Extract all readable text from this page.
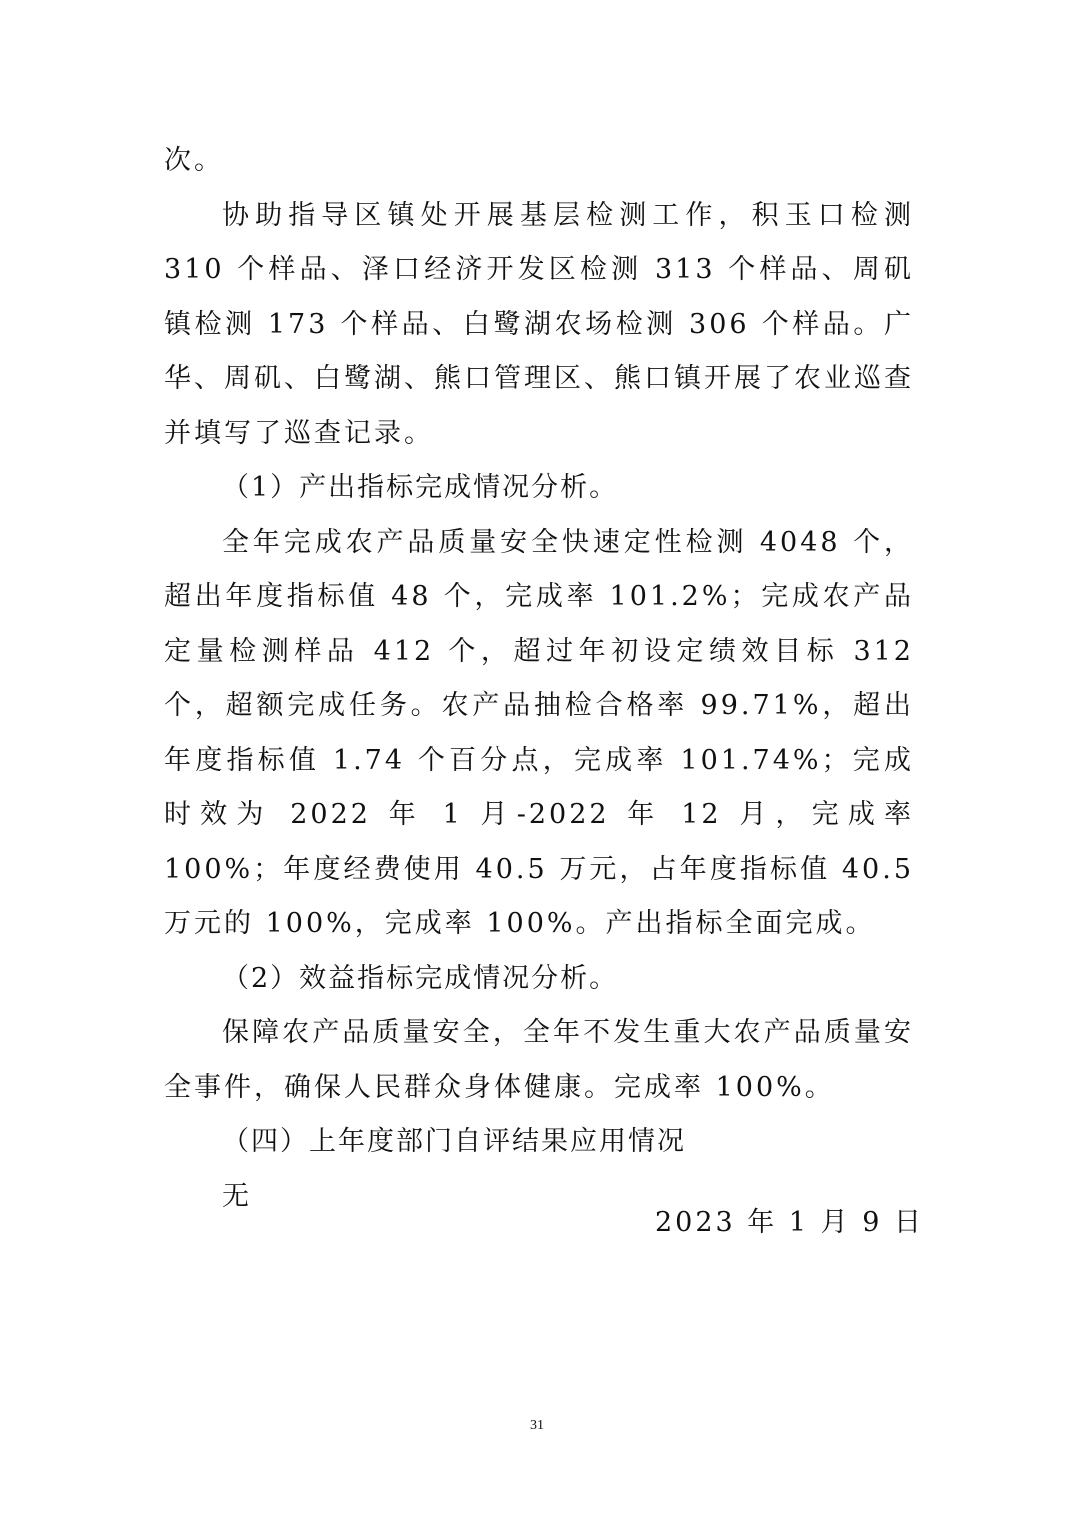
次。

协助指导区镇处开展基层检测工作，积玉口检测 310 个样品、泽口经济开发区检测 313 个样品、周矶镇检测 173 个样品、白鹭湖农场检测 306 个样品。广华、周矶、白鹭湖、熊口管理区、熊口镇开展了农业巡查并填写了巡查记录。

（1）产出指标完成情况分析。

全年完成农产品质量安全快速定性检测 4048 个，超出年度指标值 48 个，完成率 101.2%；完成农产品定量检测样品 412 个，超过年初设定绩效目标 312 个，超额完成任务。农产品抽检合格率 99.71%，超出年度指标值 1.74 个百分点，完成率 101.74%；完成时效为 2022 年 1 月-2022 年 12 月，完成率 100%；年度经费使用 40.5 万元，占年度指标值 40.5 万元的 100%，完成率 100%。产出指标全面完成。

（2）效益指标完成情况分析。

保障农产品质量安全，全年不发生重大农产品质量安全事件，确保人民群众身体健康。完成率 100%。

（四）上年度部门自评结果应用情况

无

2023 年 1 月 9 日
31
